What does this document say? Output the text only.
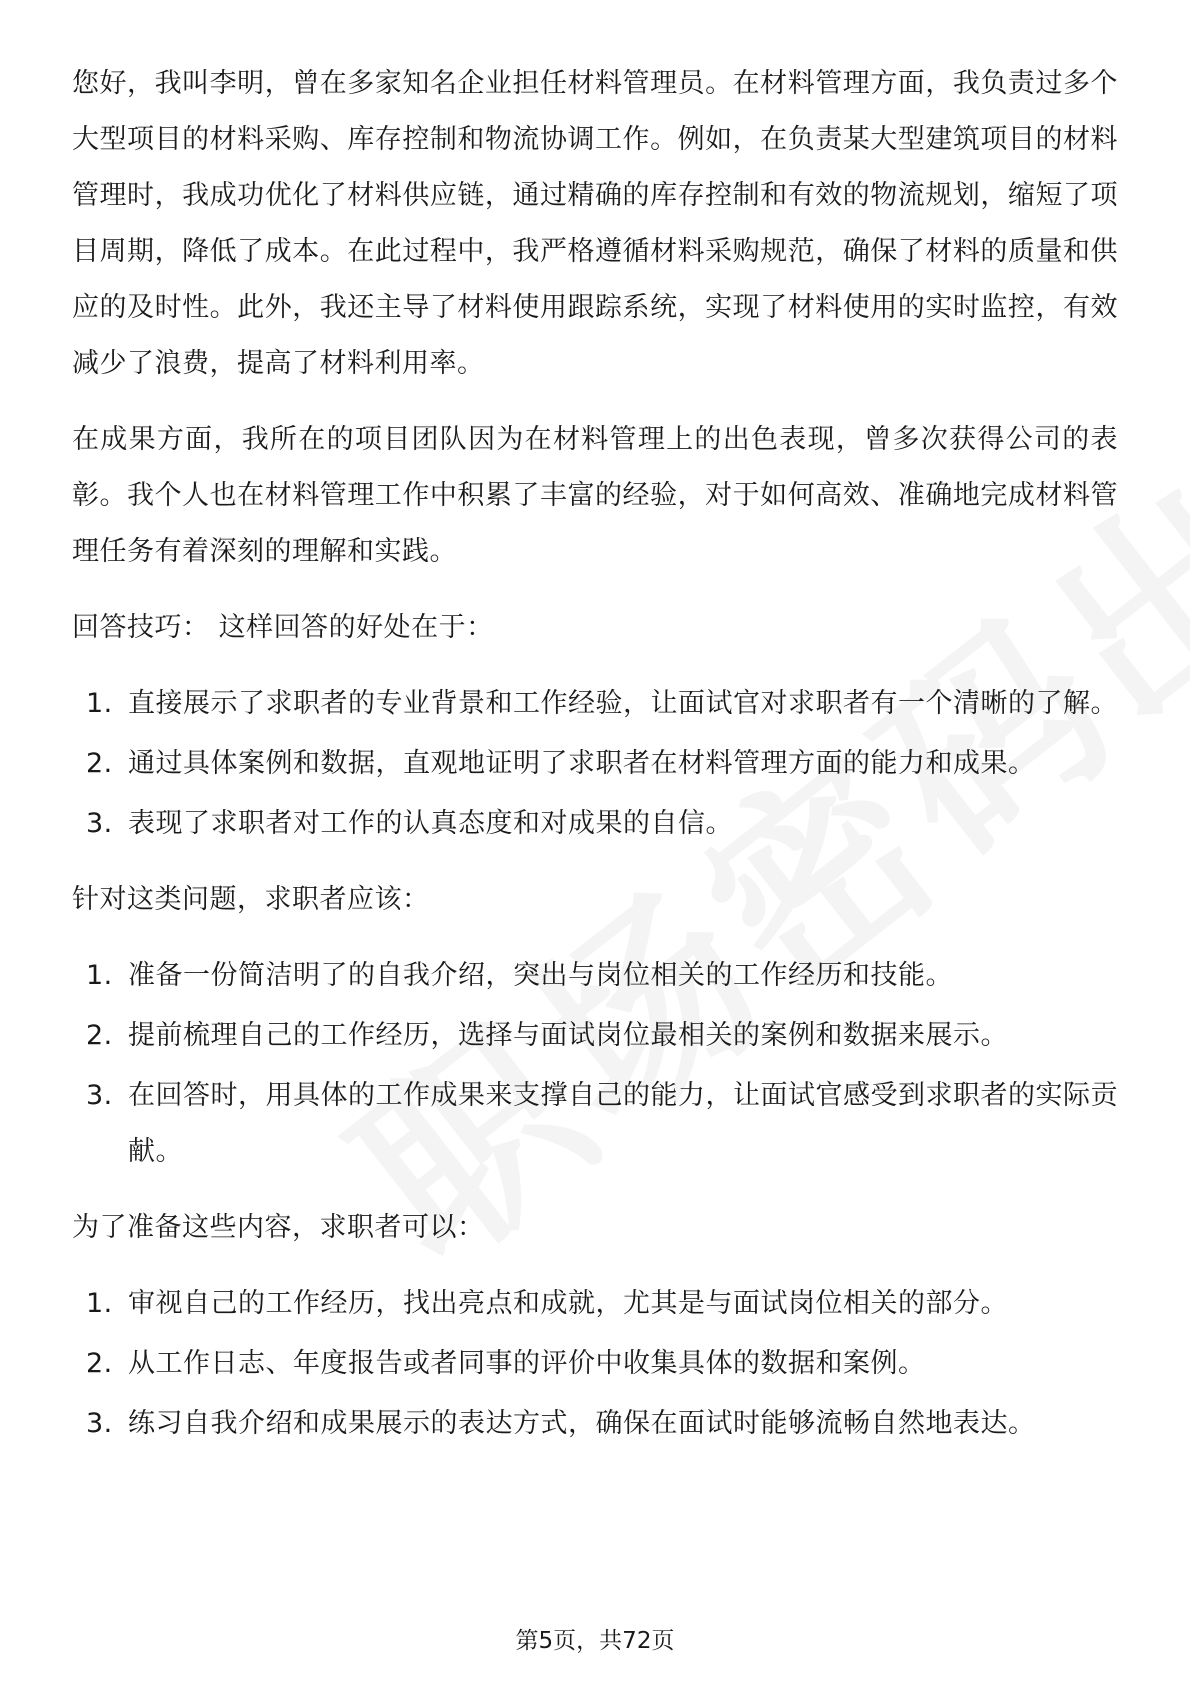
您好，我叫李明，曾在多家知名企业担任材料管理员。在材料管理方面，我负责过多个大型项目的材料采购、库存控制和物流协调工作。例如，在负责某大型建筑项目的材料管理时，我成功优化了材料供应链，通过精确的库存控制和有效的物流规划，缩短了项目周期，降低了成本。在此过程中，我严格遵循材料采购规范，确保了材料的质量和供应的及时性。此外，我还主导了材料使用跟踪系统，实现了材料使用的实时监控，有效减少了浪费，提高了材料利用率。

在成果方面，我所在的项目团队因为在材料管理上的出色表现，曾多次获得公司的表彰。我个人也在材料管理工作中积累了丰富的经验，对于如何高效、准确地完成材料管理任务有着深刻的理解和实践。

回答技巧： 这样回答的好处在于：

1. 直接展示了求职者的专业背景和工作经验，让面试官对求职者有一个清晰的了解。
2. 通过具体案例和数据，直观地证明了求职者在材料管理方面的能力和成果。
3. 表现了求职者对工作的认真态度和对成果的自信。

针对这类问题，求职者应该：

1. 准备一份简洁明了的自我介绍，突出与岗位相关的工作经历和技能。
2. 提前梳理自己的工作经历，选择与面试岗位最相关的案例和数据来展示。
3. 在回答时，用具体的工作成果来支撑自己的能力，让面试官感受到求职者的实际贡献。

为了准备这些内容，求职者可以：

1. 审视自己的工作经历，找出亮点和成就，尤其是与面试岗位相关的部分。
2. 从工作日志、年度报告或者同事的评价中收集具体的数据和案例。
3. 练习自我介绍和成果展示的表达方式，确保在面试时能够流畅自然地表达。
第5页，共72页
